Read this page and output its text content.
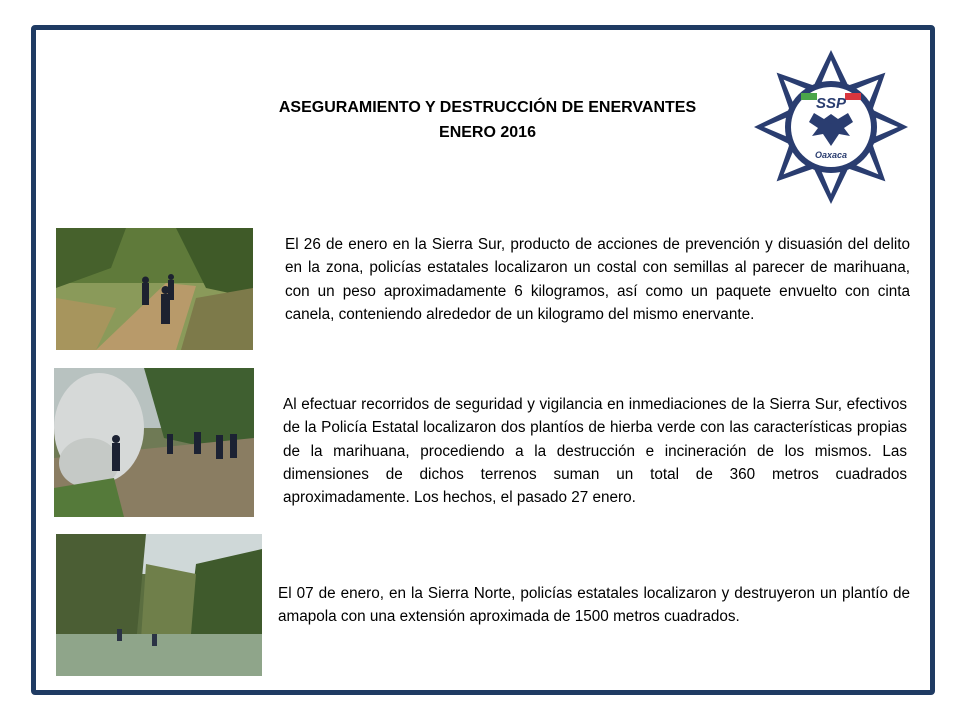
ASEGURAMIENTO Y DESTRUCCIÓN DE ENERVANTES
ENERO 2016
SSP
Oaxaca
El 26 de enero en la Sierra Sur, producto de acciones de prevención y disuasión del delito en la zona, policías estatales localizaron un costal con semillas al parecer de marihuana, con un peso aproximadamente 6 kilogramos, así como un paquete envuelto con cinta canela, conteniendo alrededor de un kilogramo del mismo enervante.
Al efectuar recorridos de seguridad y vigilancia en inmediaciones de la Sierra Sur, efectivos de la Policía Estatal localizaron dos plantíos de hierba verde con las características propias de la marihuana, procediendo a la destrucción e incineración de los mismos. Las dimensiones de dichos terrenos suman un total de 360 metros cuadrados aproximadamente. Los hechos, el pasado 27 enero.
El 07 de enero, en la Sierra Norte, policías estatales localizaron y destruyeron un plantío de amapola con una extensión aproximada de 1500 metros cuadrados.
